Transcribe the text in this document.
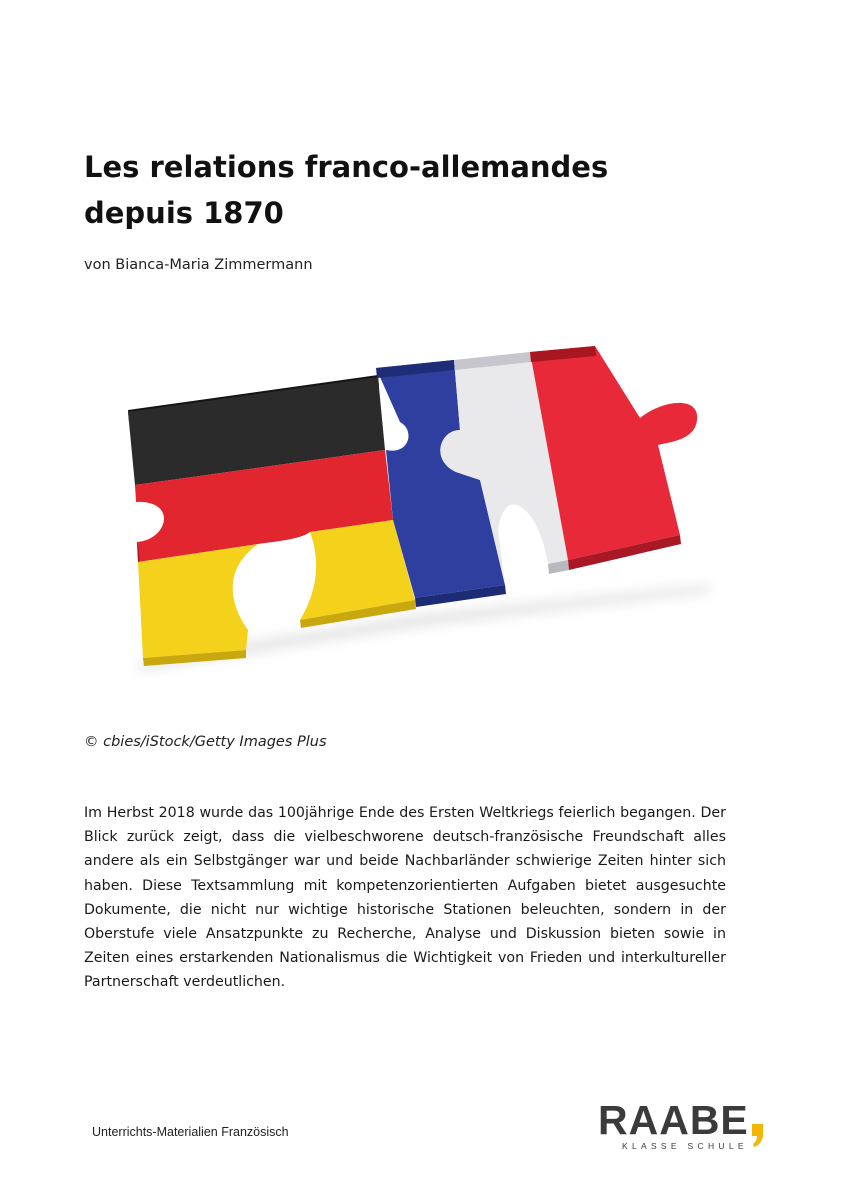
Les relations franco-allemandes depuis 1870

von Bianca-Maria Zimmermann

© cbies/iStock/Getty Images Plus

Im Herbst 2018 wurde das 100jährige Ende des Ersten Weltkriegs feierlich begangen. Der Blick zurück zeigt, dass die vielbeschworene deutsch-französische Freundschaft alles andere als ein Selbstgänger war und beide Nachbarländer schwierige Zeiten hinter sich haben. Diese Textsammlung mit kompetenzorientierten Aufgaben bietet ausgesuchte Dokumente, die nicht nur wichtige historische Stationen beleuchten, sondern in der Oberstufe viele Ansatzpunkte zu Recherche, Analyse und Diskussion bieten sowie in Zeiten eines erstarkenden Nationalismus die Wichtigkeit von Frieden und interkultureller Partnerschaft verdeutlichen.

Unterrichts-Materialien Französisch	RAABE
KLASSE SCHULE
